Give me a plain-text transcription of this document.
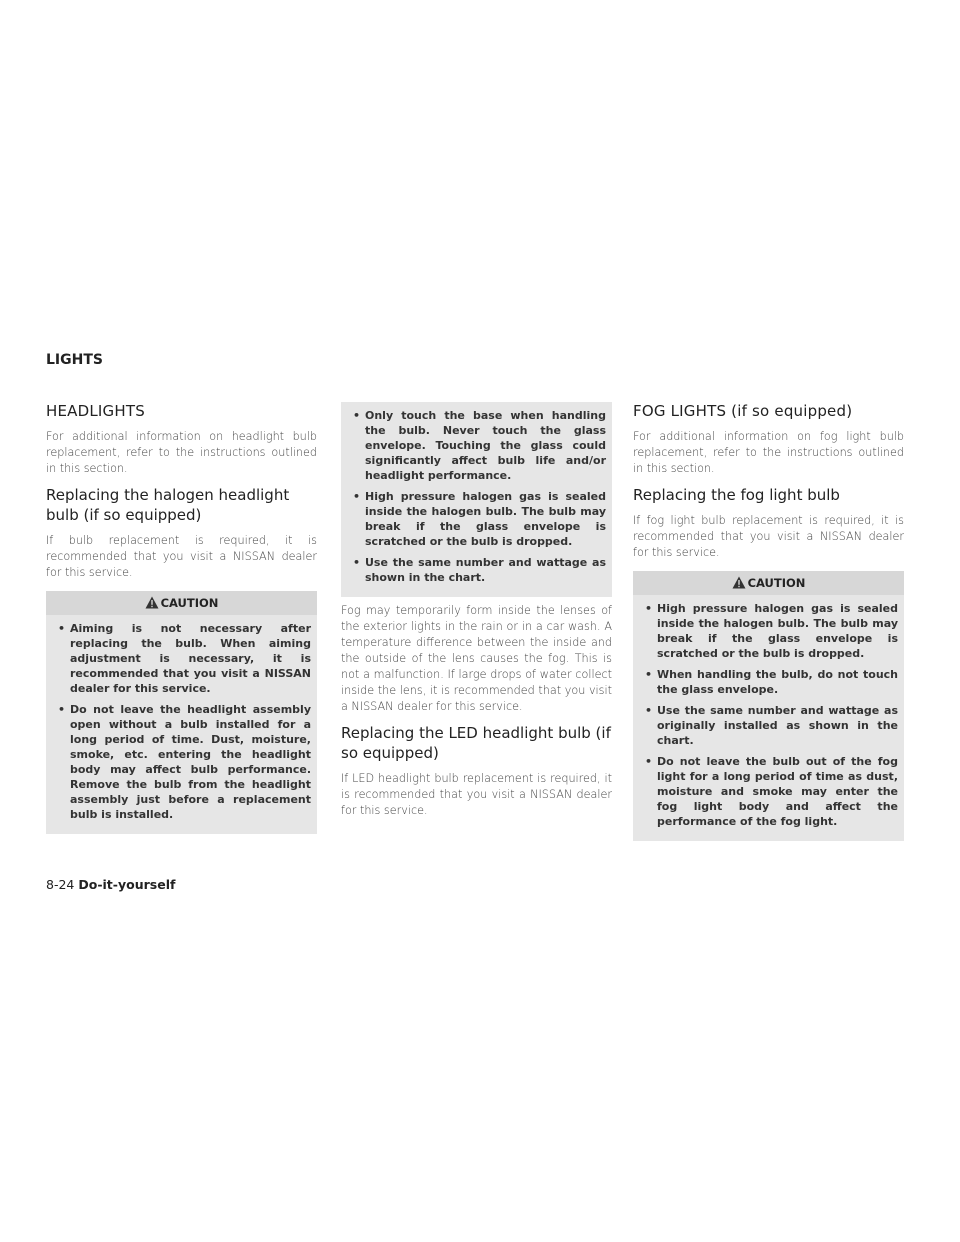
LIGHTS
HEADLIGHTS

For additional information on headlight bulb replacement, refer to the instructions outlined in this section.

Replacing the halogen headlight bulb (if so equipped)

If bulb replacement is required, it is recommended that you visit a NISSAN dealer for this service.

CAUTION
• Aiming is not necessary after replacing the bulb. When aiming adjustment is necessary, it is recommended that you visit a NISSAN dealer for this service.
• Do not leave the headlight assembly open without a bulb installed for a long period of time. Dust, moisture, smoke, etc. entering the headlight body may affect bulb performance. Remove the bulb from the headlight assembly just before a replacement bulb is installed.
• Only touch the base when handling the bulb. Never touch the glass envelope. Touching the glass could significantly affect bulb life and/or headlight performance.
• High pressure halogen gas is sealed inside the halogen bulb. The bulb may break if the glass envelope is scratched or the bulb is dropped.
• Use the same number and wattage as shown in the chart.

Fog may temporarily form inside the lenses of the exterior lights in the rain or in a car wash. A temperature difference between the inside and the outside of the lens causes the fog. This is not a malfunction. If large drops of water collect inside the lens, it is recommended that you visit a NISSAN dealer for this service.

Replacing the LED headlight bulb (if so equipped)

If LED headlight bulb replacement is required, it is recommended that you visit a NISSAN dealer for this service.

FOG LIGHTS (if so equipped)

For additional information on fog light bulb replacement, refer to the instructions outlined in this section.

Replacing the fog light bulb

If fog light bulb replacement is required, it is recommended that you visit a NISSAN dealer for this service.

CAUTION
• High pressure halogen gas is sealed inside the halogen bulb. The bulb may break if the glass envelope is scratched or the bulb is dropped.
• When handling the bulb, do not touch the glass envelope.
• Use the same number and wattage as originally installed as shown in the chart.
• Do not leave the bulb out of the fog light for a long period of time as dust, moisture and smoke may enter the fog light body and affect the performance of the fog light.
8-24 Do-it-yourself
